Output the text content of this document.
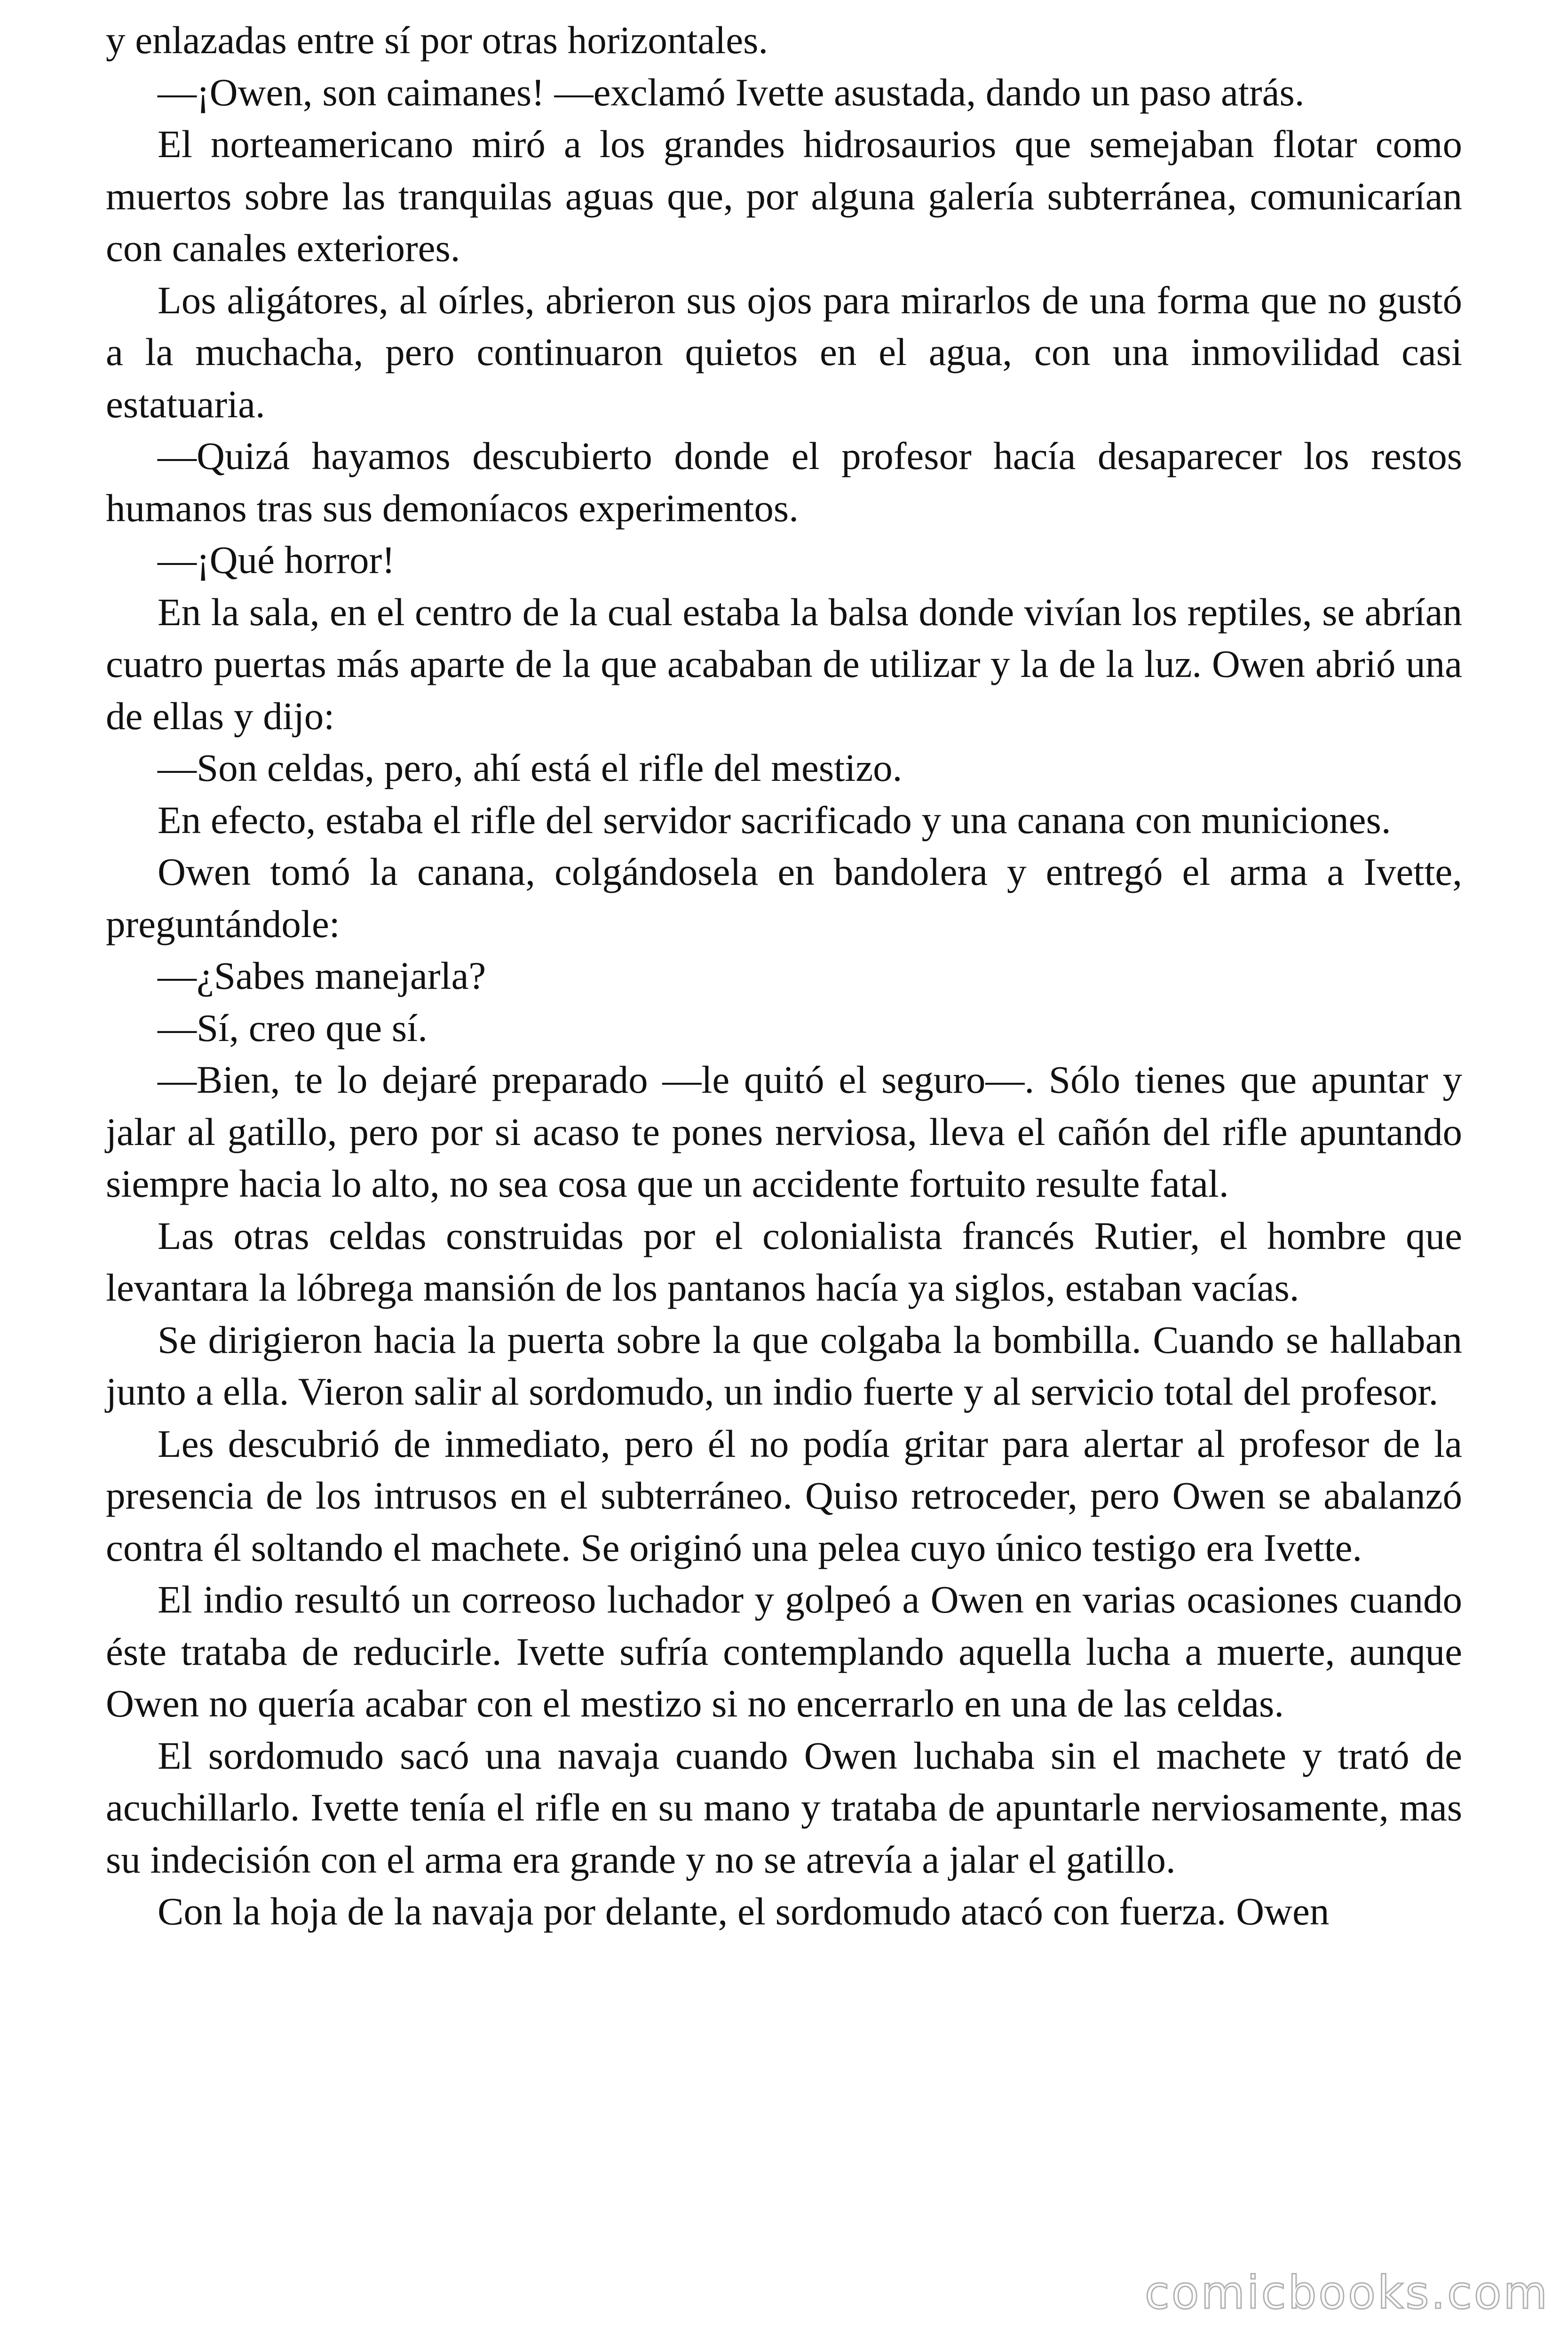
y enlazadas entre sí por otras horizontales.

—¡Owen, son caimanes! —exclamó Ivette asustada, dando un paso atrás.

El norteamericano miró a los grandes hidrosaurios que semejaban flotar como muertos sobre las tranquilas aguas que, por alguna galería subterránea, comunicarían con canales exteriores.

Los aligátores, al oírles, abrieron sus ojos para mirarlos de una forma que no gustó a la muchacha, pero continuaron quietos en el agua, con una inmovilidad casi estatuaria.

—Quizá hayamos descubierto donde el profesor hacía desaparecer los restos humanos tras sus demoníacos experimentos.

—¡Qué horror!

En la sala, en el centro de la cual estaba la balsa donde vivían los reptiles, se abrían cuatro puertas más aparte de la que acababan de utilizar y la de la luz. Owen abrió una de ellas y dijo:

—Son celdas, pero, ahí está el rifle del mestizo.

En efecto, estaba el rifle del servidor sacrificado y una canana con municiones.

Owen tomó la canana, colgándosela en bandolera y entregó el arma a Ivette, preguntándole:

—¿Sabes manejarla?

—Sí, creo que sí.

—Bien, te lo dejaré preparado —le quitó el seguro—. Sólo tienes que apuntar y jalar al gatillo, pero por si acaso te pones nerviosa, lleva el cañón del rifle apuntando siempre hacia lo alto, no sea cosa que un accidente fortuito resulte fatal.

Las otras celdas construidas por el colonialista francés Rutier, el hombre que levantara la lóbrega mansión de los pantanos hacía ya siglos, estaban vacías.

Se dirigieron hacia la puerta sobre la que colgaba la bombilla. Cuando se hallaban junto a ella. Vieron salir al sordomudo, un indio fuerte y al servicio total del profesor.

Les descubrió de inmediato, pero él no podía gritar para alertar al profesor de la presencia de los intrusos en el subterráneo. Quiso retroceder, pero Owen se abalanzó contra él soltando el machete. Se originó una pelea cuyo único testigo era Ivette.

El indio resultó un correoso luchador y golpeó a Owen en varias ocasiones cuando éste trataba de reducirle. Ivette sufría contemplando aquella lucha a muerte, aunque Owen no quería acabar con el mestizo si no encerrarlo en una de las celdas.

El sordomudo sacó una navaja cuando Owen luchaba sin el machete y trató de acuchillarlo. Ivette tenía el rifle en su mano y trataba de apuntarle nerviosamente, mas su indecisión con el arma era grande y no se atrevía a jalar el gatillo.

Con la hoja de la navaja por delante, el sordomudo atacó con fuerza. Owen

comicbooks.com
